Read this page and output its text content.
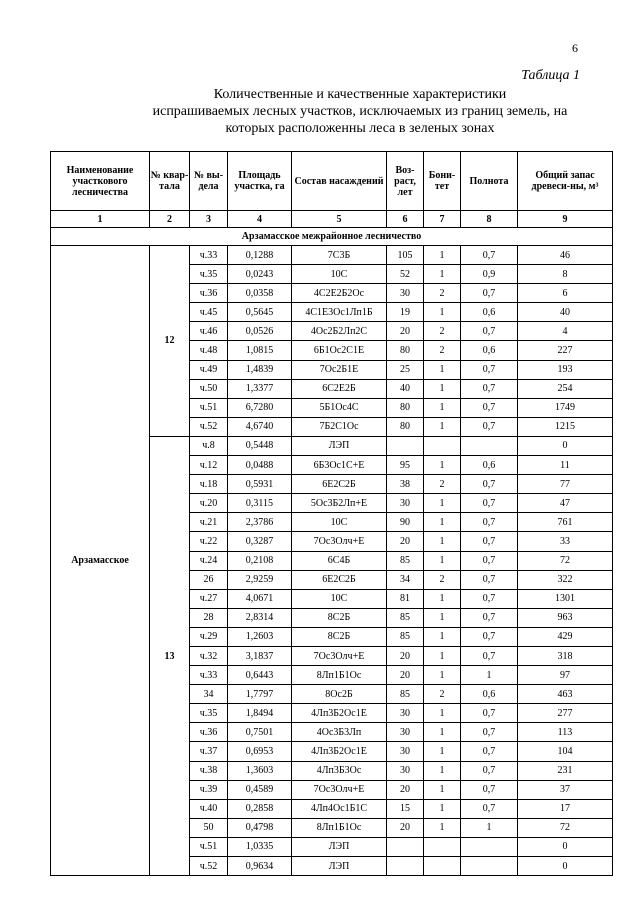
6
Таблица 1
Количественные и качественные характеристики
испрашиваемых лесных участков, исключаемых из границ земель, на
которых расположенны леса в зеленых зонах
Наименование участкового лесничества	№ квар-тала	№ вы-дела	Площадь участка, га	Состав насаждений	Воз-раст, лет	Бони-тет	Полнота	Общий запас древеси-ны, м³
1	2	3	4	5	6	7	8	9
Арзамасское межрайонное лесничество								
Арзамасское	12	ч.33	0,1288	7С3Б	105	1	0,7	46
		ч.35	0,0243	10С	52	1	0,9	8
		ч.36	0,0358	4С2Е2Б2Ос	30	2	0,7	6
		ч.45	0,5645	4С1Е3Ос1Лп1Б	19	1	0,6	40
		ч.46	0,0526	4Ос2Б2Лп2С	20	2	0,7	4
		ч.48	1,0815	6Б1Ос2С1Е	80	2	0,6	227
		ч.49	1,4839	7Ос2Б1Е	25	1	0,7	193
		ч.50	1,3377	6С2Е2Б	40	1	0,7	254
		ч.51	6,7280	5Б1Ос4С	80	1	0,7	1749
		ч.52	4,6740	7Б2С1Ос	80	1	0,7	1215
	13	ч.8	0,5448	ЛЭП				0
		ч.12	0,0488	6Б3Ос1С+Е	95	1	0,6	11
		ч.18	0,5931	6Е2С2Б	38	2	0,7	77
		ч.20	0,3115	5Ос3Б2Лп+Е	30	1	0,7	47
		ч.21	2,3786	10С	90	1	0,7	761
		ч.22	0,3287	7Ос3Олч+Е	20	1	0,7	33
		ч.24	0,2108	6С4Б	85	1	0,7	72
		26	2,9259	6Е2С2Б	34	2	0,7	322
		ч.27	4,0671	10С	81	1	0,7	1301
		28	2,8314	8С2Б	85	1	0,7	963
		ч.29	1,2603	8С2Б	85	1	0,7	429
		ч.32	3,1837	7Ос3Олч+Е	20	1	0,7	318
		ч.33	0,6443	8Лп1Б1Ос	20	1	1	97
		34	1,7797	8Ос2Б	85	2	0,6	463
		ч.35	1,8494	4Лп3Б2Ос1Е	30	1	0,7	277
		ч.36	0,7501	4Ос3Б3Лп	30	1	0,7	113
		ч.37	0,6953	4Лп3Б2Ос1Е	30	1	0,7	104
		ч.38	1,3603	4Лп3Б3Ос	30	1	0,7	231
		ч.39	0,4589	7Ос3Олч+Е	20	1	0,7	37
		ч.40	0,2858	4Лп4Ос1Б1С	15	1	0,7	17
		50	0,4798	8Лп1Б1Ос	20	1	1	72
		ч.51	1,0335	ЛЭП				0
		ч.52	0,9634	ЛЭП				0
